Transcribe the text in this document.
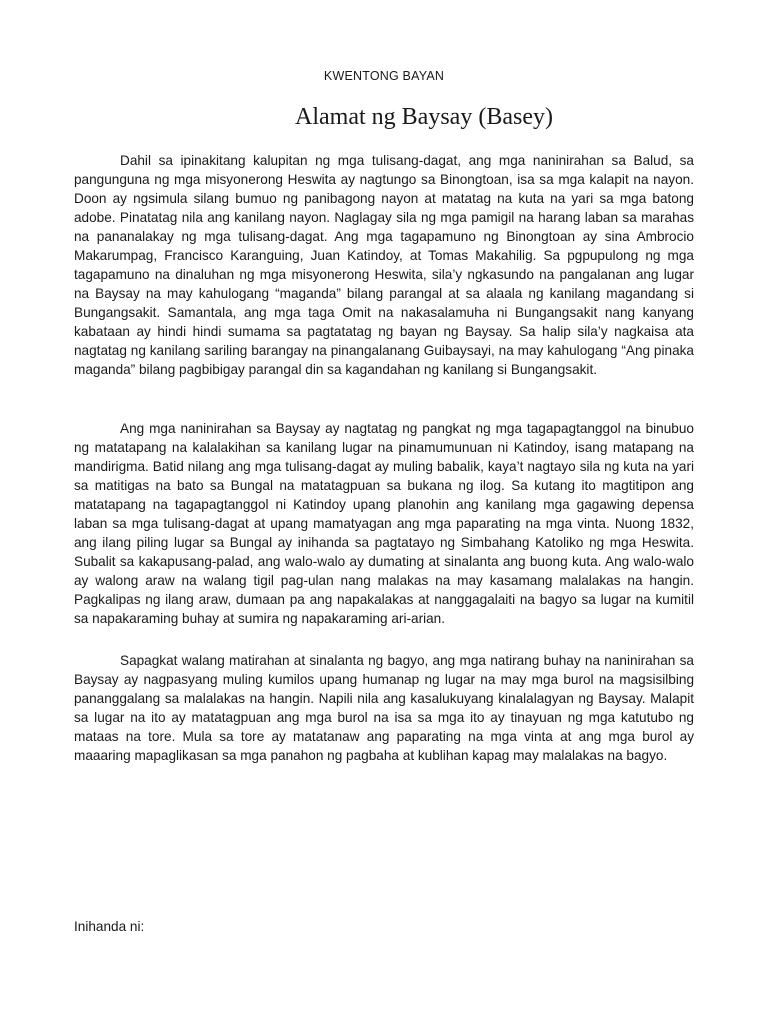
KWENTONG BAYAN
Alamat ng Baysay (Basey)

Dahil sa ipinakitang kalupitan ng mga tulisang-dagat, ang mga naninirahan sa Balud, sa pangunguna ng mga misyonerong Heswita ay nagtungo sa Binongtoan, isa sa mga kalapit na nayon. Doon ay ngsimula silang bumuo ng panibagong nayon at matatag na kuta na yari sa mga batong adobe. Pinatatag nila ang kanilang nayon. Naglagay sila ng mga pamigil na harang laban sa marahas na pananalakay ng mga tulisang-dagat. Ang mga tagapamuno ng Binongtoan ay sina Ambrocio Makarumpag, Francisco Karanguing, Juan Katindoy, at Tomas Makahilig. Sa pgpupulong ng mga tagapamuno na dinaluhan ng mga misyonerong Heswita, sila’y ngkasundo na pangalanan ang lugar na Baysay na may kahulogang “maganda” bilang parangal at sa alaala ng kanilang magandang si Bungangsakit. Samantala, ang mga taga Omit na nakasalamuha ni Bungangsakit nang kanyang kabataan ay hindi hindi sumama sa pagtatatag ng bayan ng Baysay. Sa halip sila’y nagkaisa ata nagtatag ng kanilang sariling barangay na pinangalanang Guibaysayi, na may kahulogang “Ang pinaka maganda” bilang pagbibigay parangal din sa kagandahan ng kanilang si Bungangsakit.

Ang mga naninirahan sa Baysay ay nagtatag ng pangkat ng mga tagapagtanggol na binubuo ng matatapang na kalalakihan sa kanilang lugar na pinamumunuan ni Katindoy, isang matapang na mandirigma. Batid nilang ang mga tulisang-dagat ay muling babalik, kaya’t nagtayo sila ng kuta na yari sa matitigas na bato sa Bungal na matatagpuan sa bukana ng ilog. Sa kutang ito magtitipon ang matatapang na tagapagtanggol ni Katindoy upang planohin ang kanilang mga gagawing depensa laban sa mga tulisang-dagat at upang mamatyagan ang mga paparating na mga vinta. Nuong 1832, ang ilang piling lugar sa Bungal ay inihanda sa pagtatayo ng Simbahang Katoliko ng mga Heswita. Subalit sa kakapusang-palad, ang walo-walo ay dumating at sinalanta ang buong kuta. Ang walo-walo ay walong araw na walang tigil pag-ulan nang malakas na may kasamang malalakas na hangin. Pagkalipas ng ilang araw, dumaan pa ang napakalakas at nanggagalaiti na bagyo sa lugar na kumitil sa napakaraming buhay at sumira ng napakaraming ari-arian.

Sapagkat walang matirahan at sinalanta ng bagyo, ang mga natirang buhay na naninirahan sa Baysay ay nagpasyang muling kumilos upang humanap ng lugar na may mga burol na magsisilbing pananggalang sa malalakas na hangin. Napili nila ang kasalukuyang kinalalagyan ng Baysay. Malapit sa lugar na ito ay matatagpuan ang mga burol na isa sa mga ito ay tinayuan ng mga katutubo ng mataas na tore. Mula sa tore ay matatanaw ang paparating na mga vinta at ang mga burol ay maaaring mapaglikasan sa mga panahon ng pagbaha at kublihan kapag may malalakas na bagyo.

Inihanda ni:
